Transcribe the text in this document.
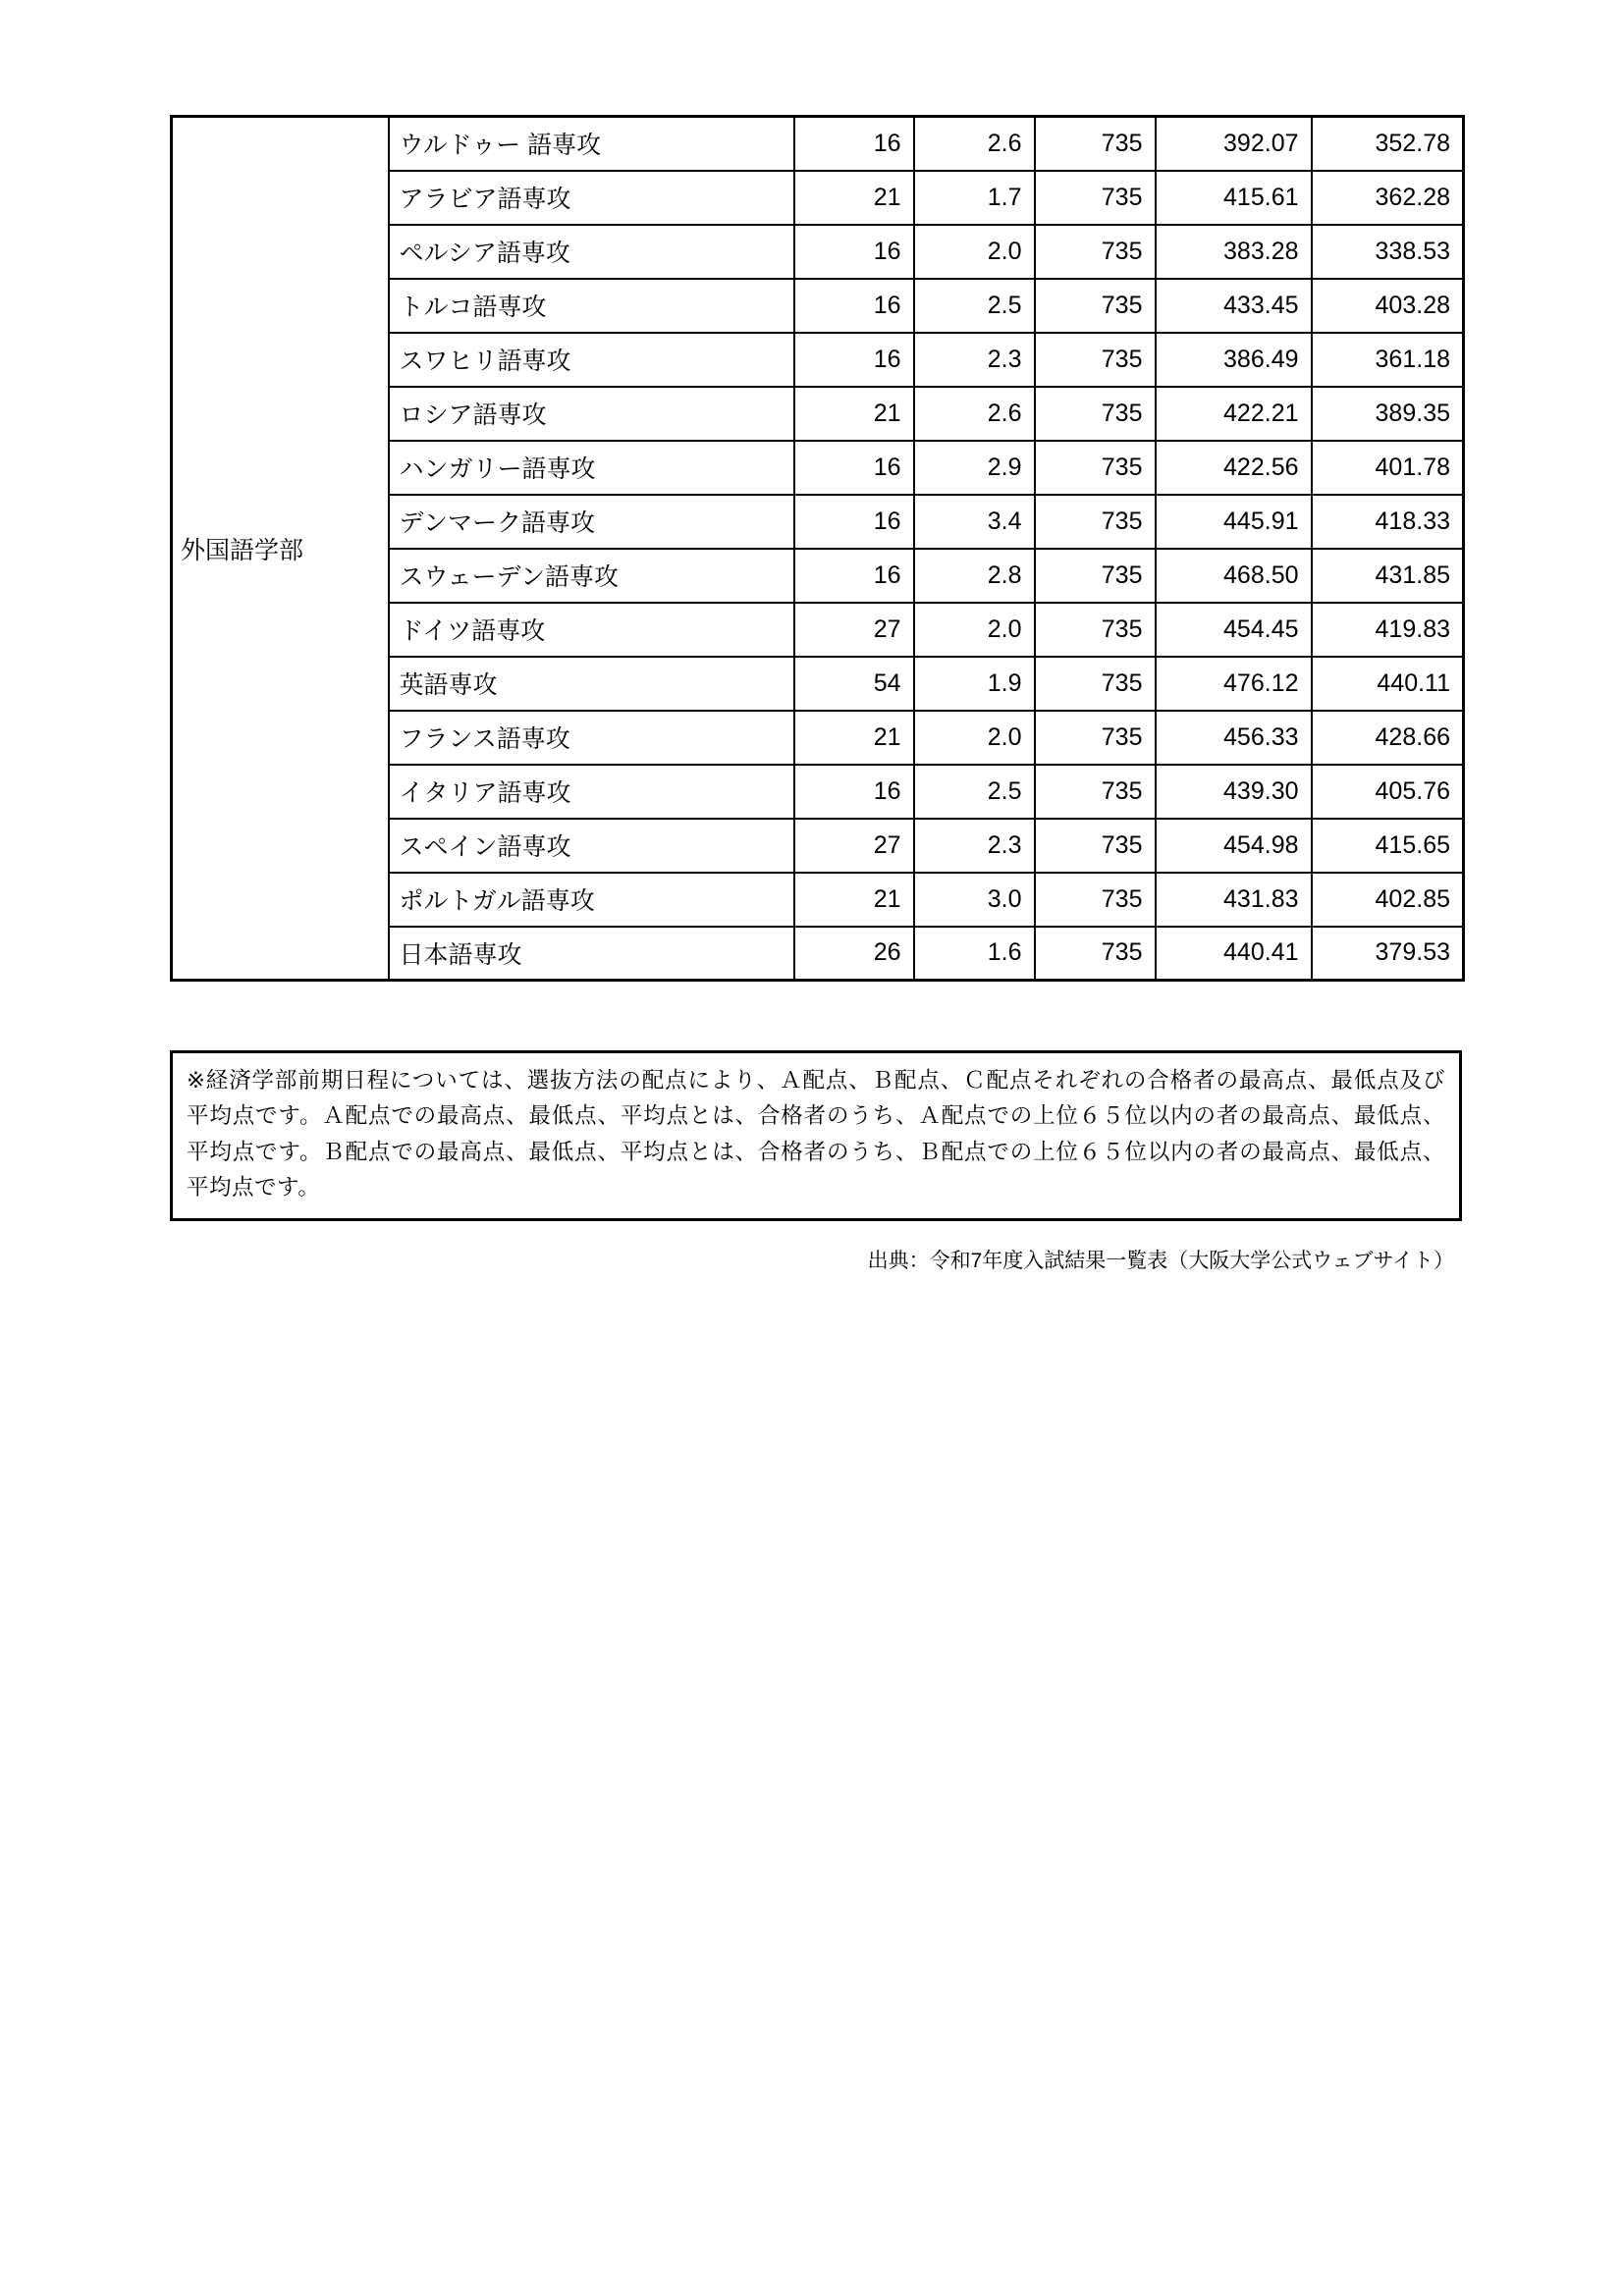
外国語学部	ウルドゥー 語専攻	16	2.6	735	392.07	352.78
	アラビア語専攻	21	1.7	735	415.61	362.28
	ペルシア語専攻	16	2.0	735	383.28	338.53
	トルコ語専攻	16	2.5	735	433.45	403.28
	スワヒリ語専攻	16	2.3	735	386.49	361.18
	ロシア語専攻	21	2.6	735	422.21	389.35
	ハンガリー語専攻	16	2.9	735	422.56	401.78
	デンマーク語専攻	16	3.4	735	445.91	418.33
	スウェーデン語専攻	16	2.8	735	468.50	431.85
	ドイツ語専攻	27	2.0	735	454.45	419.83
	英語専攻	54	1.9	735	476.12	440.11
	フランス語専攻	21	2.0	735	456.33	428.66
	イタリア語専攻	16	2.5	735	439.30	405.76
	スペイン語専攻	27	2.3	735	454.98	415.65
	ポルトガル語専攻	21	3.0	735	431.83	402.85
	日本語専攻	26	1.6	735	440.41	379.53
※経済学部前期日程については、選抜方法の配点により、Ａ配点、Ｂ配点、Ｃ配点それぞれの合格者の最高点、最低点及び平均点です。Ａ配点での最高点、最低点、平均点とは、合格者のうち、Ａ配点での上位６５位以内の者の最高点、最低点、平均点です。Ｂ配点での最高点、最低点、平均点とは、合格者のうち、Ｂ配点での上位６５位以内の者の最高点、最低点、平均点です。
出典：令和7年度入試結果一覧表（大阪大学公式ウェブサイト）
